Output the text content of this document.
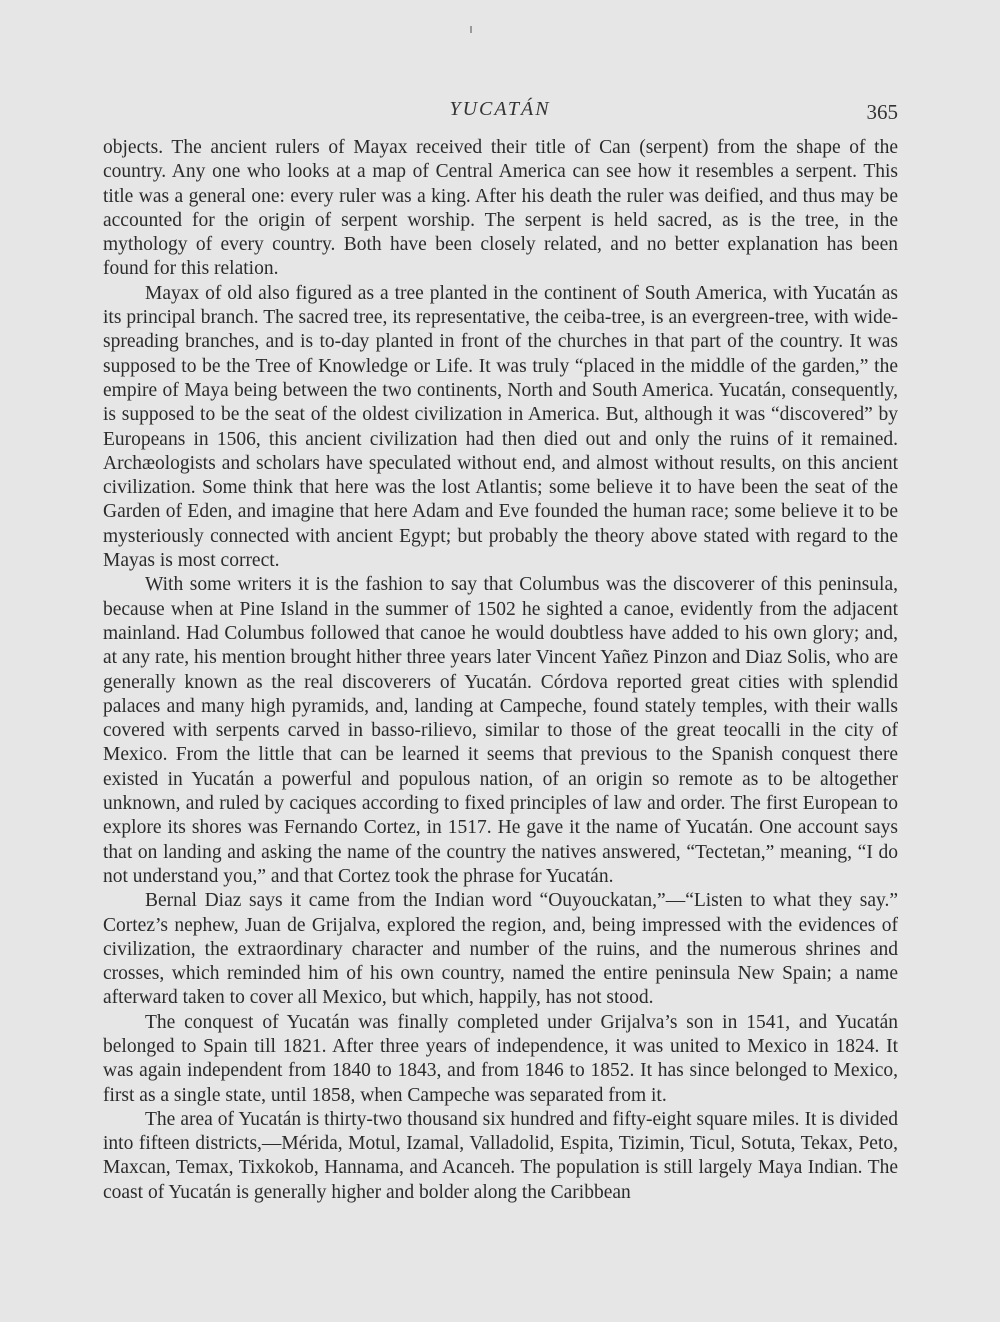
YUCATÁN	365

objects. The ancient rulers of Mayax received their title of Can (serpent) from the shape of the country. Any one who looks at a map of Central America can see how it resembles a serpent. This title was a general one: every ruler was a king. After his death the ruler was deified, and thus may be accounted for the origin of serpent worship. The serpent is held sacred, as is the tree, in the mythology of every country. Both have been closely related, and no better explanation has been found for this relation.

Mayax of old also figured as a tree planted in the continent of South America, with Yucatán as its principal branch. The sacred tree, its representative, the ceiba-tree, is an evergreen-tree, with wide-spreading branches, and is to-day planted in front of the churches in that part of the country. It was supposed to be the Tree of Knowledge or Life. It was truly “placed in the middle of the garden,” the empire of Maya being between the two continents, North and South America. Yucatán, consequently, is supposed to be the seat of the oldest civilization in America. But, although it was “discovered” by Europeans in 1506, this ancient civilization had then died out and only the ruins of it remained. Archæologists and scholars have speculated without end, and almost without results, on this ancient civilization. Some think that here was the lost Atlantis; some believe it to have been the seat of the Garden of Eden, and imagine that here Adam and Eve founded the human race; some believe it to be mysteriously connected with ancient Egypt; but probably the theory above stated with regard to the Mayas is most correct.

With some writers it is the fashion to say that Columbus was the discoverer of this peninsula, because when at Pine Island in the summer of 1502 he sighted a canoe, evidently from the adjacent mainland. Had Columbus followed that canoe he would doubtless have added to his own glory; and, at any rate, his mention brought hither three years later Vincent Yañez Pinzon and Diaz Solis, who are generally known as the real discoverers of Yucatán. Córdova reported great cities with splendid palaces and many high pyramids, and, landing at Campeche, found stately temples, with their walls covered with serpents carved in basso-rilievo, similar to those of the great teocalli in the city of Mexico. From the little that can be learned it seems that previous to the Spanish conquest there existed in Yucatán a powerful and populous nation, of an origin so remote as to be altogether unknown, and ruled by caciques according to fixed principles of law and order. The first European to explore its shores was Fernando Cortez, in 1517. He gave it the name of Yucatán. One account says that on landing and asking the name of the country the natives answered, “Tectetan,” meaning, “I do not understand you,” and that Cortez took the phrase for Yucatán.

Bernal Diaz says it came from the Indian word “Ouyouckatan,”—“Listen to what they say.” Cortez’s nephew, Juan de Grijalva, explored the region, and, being impressed with the evidences of civilization, the extraordinary character and number of the ruins, and the numerous shrines and crosses, which reminded him of his own country, named the entire peninsula New Spain; a name afterward taken to cover all Mexico, but which, happily, has not stood.

The conquest of Yucatán was finally completed under Grijalva’s son in 1541, and Yucatán belonged to Spain till 1821. After three years of independence, it was united to Mexico in 1824. It was again independent from 1840 to 1843, and from 1846 to 1852. It has since belonged to Mexico, first as a single state, until 1858, when Campeche was separated from it.

The area of Yucatán is thirty-two thousand six hundred and fifty-eight square miles. It is divided into fifteen districts,—Mérida, Motul, Izamal, Valladolid, Espita, Tizimin, Ticul, Sotuta, Tekax, Peto, Maxcan, Temax, Tixkokob, Hannama, and Acanceh. The population is still largely Maya Indian. The coast of Yucatán is generally higher and bolder along the Caribbean
